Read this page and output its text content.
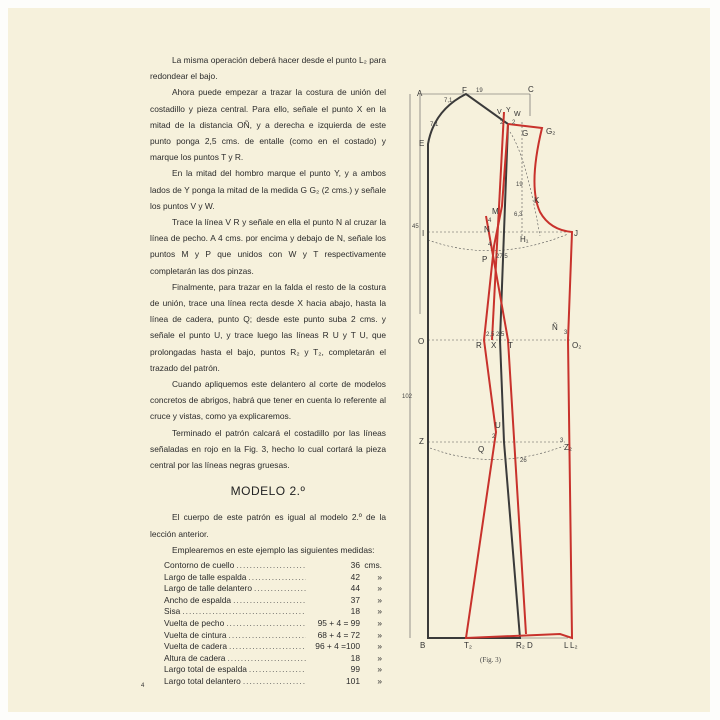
La misma operación deberá hacer desde el punto L₂ para redondear el bajo.

Ahora puede empezar a trazar la costura de unión del costadillo y pieza central. Para ello, señale el punto X en la mitad de la distancia OÑ, y a derecha e izquierda de este punto ponga 2,5 cms. de entalle (como en el costado) y marque los puntos T y R.

En la mitad del hombro marque el punto Y, y a ambos lados de Y ponga la mitad de la medida G G₂ (2 cms.) y señale los puntos V y W.

Trace la línea V R y señale en ella el punto N al cruzar la línea de pecho. A 4 cms. por encima y debajo de N, señale los puntos M y P que unidos con W y T respectivamente completarán las dos pinzas.

Finalmente, para trazar en la falda el resto de la costura de unión, trace una línea recta desde X hacia abajo, hasta la línea de cadera, punto Q; desde este punto suba 2 cms. y señale el punto U, y trace luego las líneas R U y T U, que prolongadas hasta el bajo, puntos R₂ y T₂, completarán el trazado del patrón.

Cuando apliquemos este delantero al corte de modelos concretos de abrigos, habrá que tener en cuenta lo referente al cruce y vistas, como ya explicaremos.

Terminado el patrón calcará el costadillo por las líneas señaladas en rojo en la Fig. 3, hecho lo cual cortará la pieza central por las líneas negras gruesas.

MODELO 2.º

El cuerpo de este patrón es igual al modelo 2.º de la lección anterior.

Emplearemos en este ejemplo las siguientes medidas:

Contorno de cuello .....	36 cms.
Largo de talle espalda .....	42	»
Largo de talle delantero .....	44	»
Ancho de espalda .....	37	»
Sisa .....	18	»
Vuelta de pecho .....	95 + 4 = 99	»
Vuelta de cintura .....	68 + 4 = 72	»
Vuelta de cadera .....	96 + 4 =100	»
Altura de cadera .....	18	»
Largo total de espalda .....	99	»
Largo total delantero .....	101	»
4
A	F	C
E
G G₂
K
I
H₁
J
N
M
P
O	R X T
Ñ
O₂
U
Z
Q	Z₂
B	T₂	R₂ D	L L₂
V Y
W
19
7,1
7,1
45
102
19
6,3
27,5
4
4
2,5 2,5	3
26
2
3
2 2
(Fig. 3)
